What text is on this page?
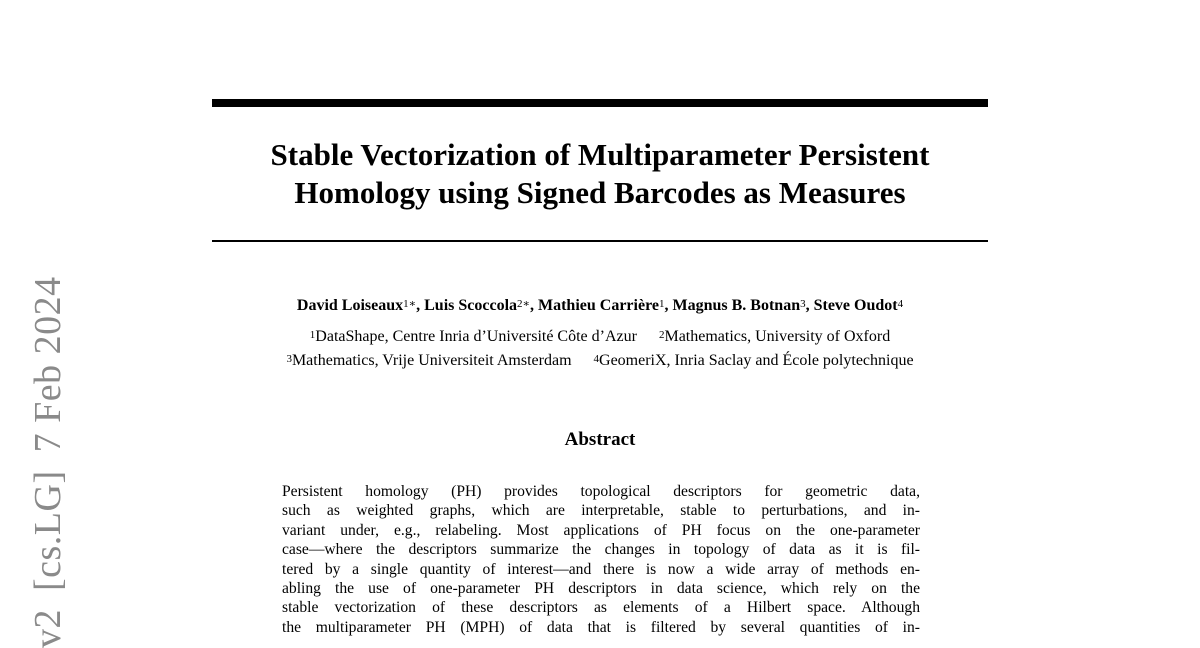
v2[cs.LG]7 Feb 2024
Stable Vectorization of Multiparameter Persistent
Homology using Signed Barcodes as Measures
David Loiseaux$^{1∗}$, Luis Scoccola$^{2∗}$, Mathieu Carrière$^1$, Magnus B. Botnan$^3$, Steve Oudot$^4$
$^1$DataShape, Centre Inria d’Université Côte d’Azur $^2$Mathematics, University of Oxford
$^3$Mathematics, Vrije Universiteit Amsterdam $^4$GeomeriX, Inria Saclay and École polytechnique
Abstract
Persistent homology (PH) provides topological descriptors for geometric data,
such as weighted graphs, which are interpretable, stable to perturbations, and in-
variant under, e.g., relabeling. Most applications of PH focus on the one-parameter
case—where the descriptors summarize the changes in topology of data as it is fil-
tered by a single quantity of interest—and there is now a wide array of methods en-
abling the use of one-parameter PH descriptors in data science, which rely on the
stable vectorization of these descriptors as elements of a Hilbert space. Although
the multiparameter PH (MPH) of data that is filtered by several quantities of in-
